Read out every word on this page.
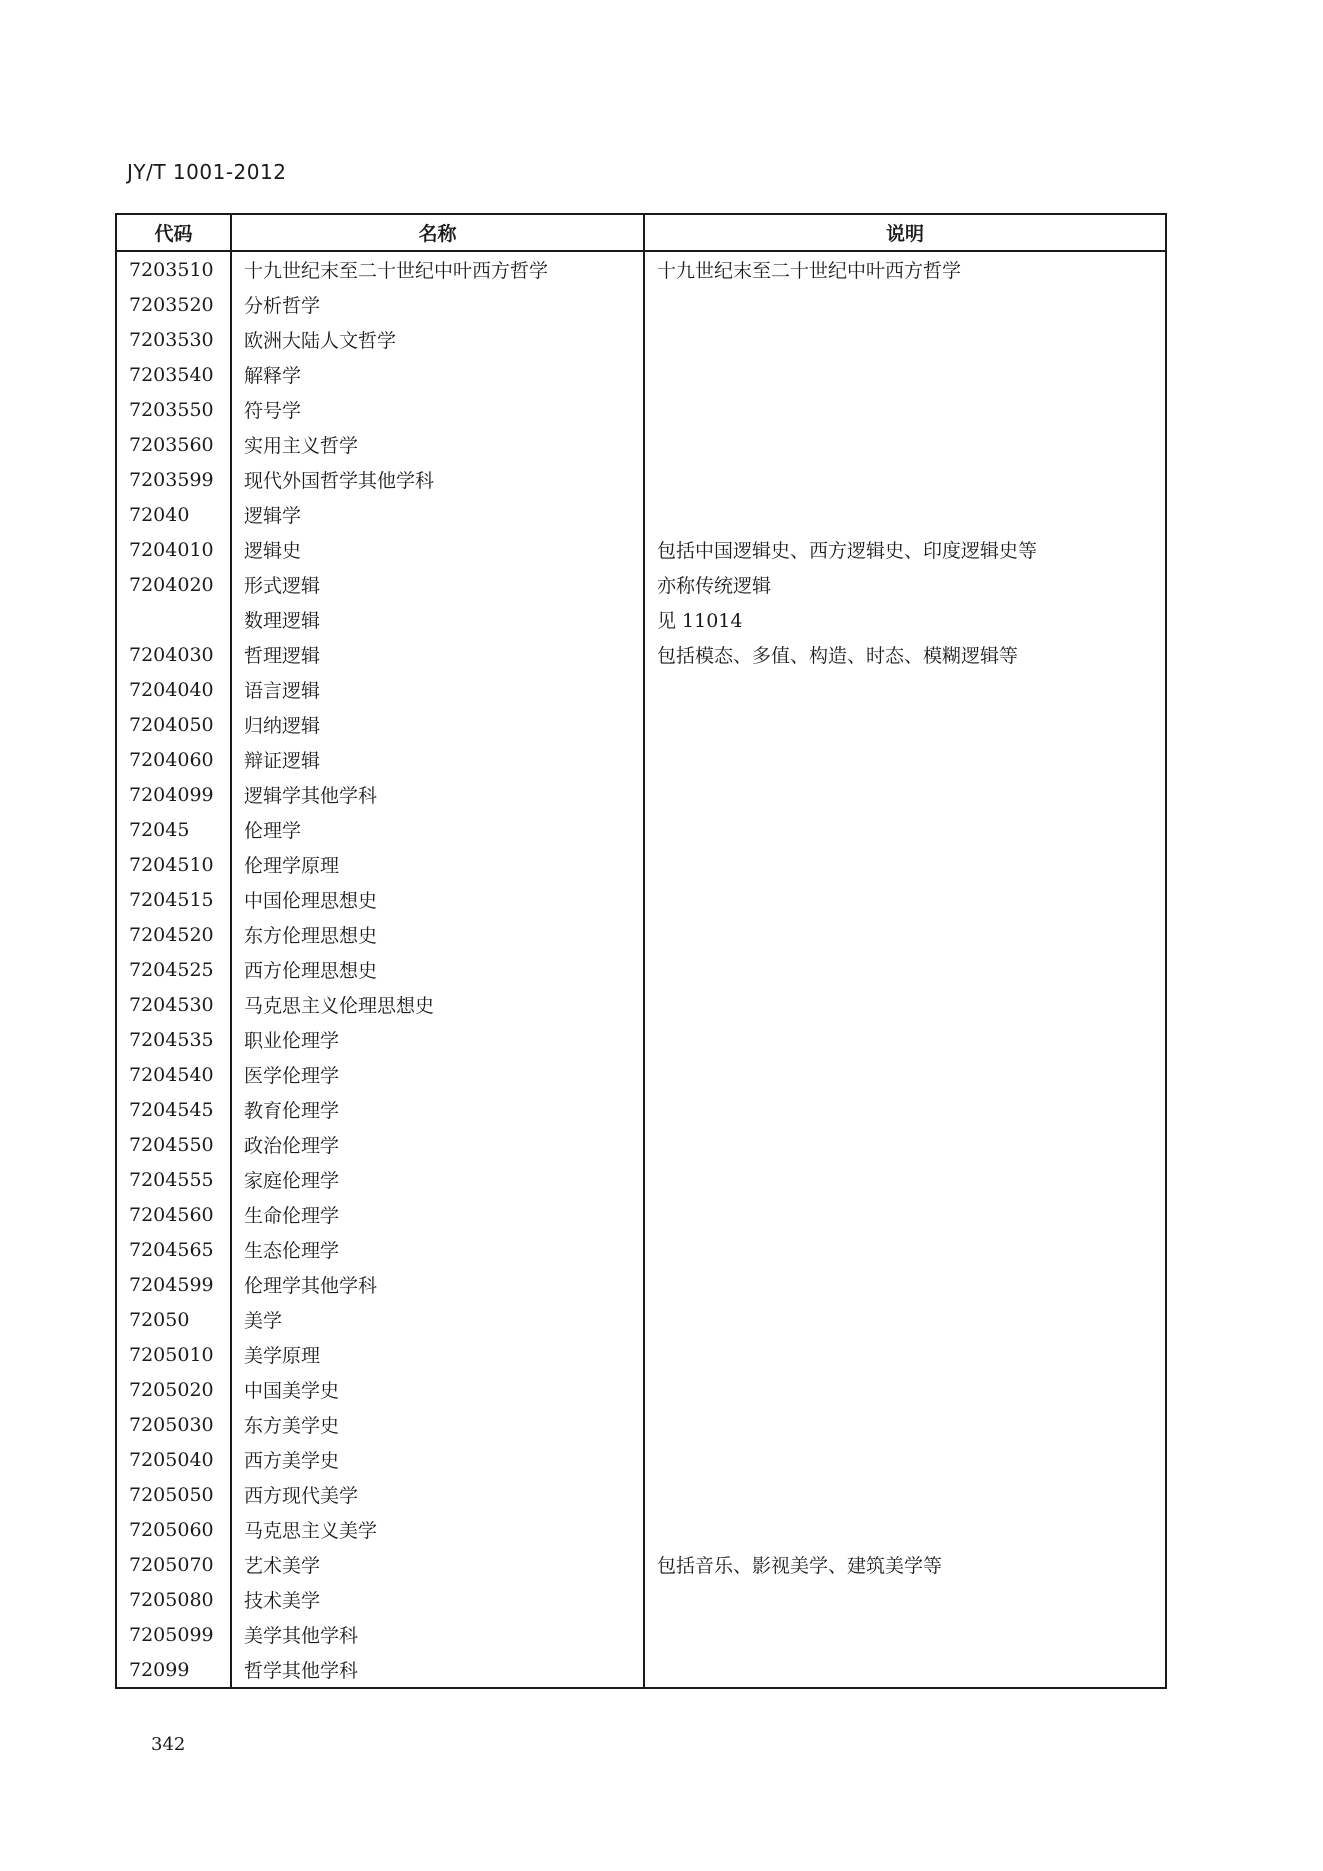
JY/T 1001-2012
代码	名称	说明
7203510	十九世纪末至二十世纪中叶西方哲学	十九世纪末至二十世纪中叶西方哲学
7203520	分析哲学	
7203530	欧洲大陆人文哲学	
7203540	解释学	
7203550	符号学	
7203560	实用主义哲学	
7203599	现代外国哲学其他学科	
72040	逻辑学	
7204010	逻辑史	包括中国逻辑史、西方逻辑史、印度逻辑史等
7204020	形式逻辑	亦称传统逻辑
	数理逻辑	见 11014
7204030	哲理逻辑	包括模态、多值、构造、时态、模糊逻辑等
7204040	语言逻辑	
7204050	归纳逻辑	
7204060	辩证逻辑	
7204099	逻辑学其他学科	
72045	伦理学	
7204510	伦理学原理	
7204515	中国伦理思想史	
7204520	东方伦理思想史	
7204525	西方伦理思想史	
7204530	马克思主义伦理思想史	
7204535	职业伦理学	
7204540	医学伦理学	
7204545	教育伦理学	
7204550	政治伦理学	
7204555	家庭伦理学	
7204560	生命伦理学	
7204565	生态伦理学	
7204599	伦理学其他学科	
72050	美学	
7205010	美学原理	
7205020	中国美学史	
7205030	东方美学史	
7205040	西方美学史	
7205050	西方现代美学	
7205060	马克思主义美学	
7205070	艺术美学	包括音乐、影视美学、建筑美学等
7205080	技术美学	
7205099	美学其他学科	
72099	哲学其他学科	
342
